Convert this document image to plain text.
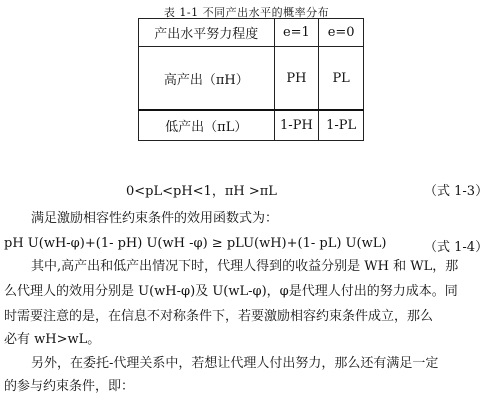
表 1-1 不同产出水平的概率分布
产出水平努力程度	e=1	e=0
高产出（πH）	PH	PL
低产出（πL）	1-PH	1-PL
0<pL<pH<1，πH >πL	（式 1-3）
满足激励相容性约束条件的效用函数式为：
pH U(wH-φ)+(1- pH) U(wH -φ) ≥ pLU(wH)+(1- pL) U(wL)	（式 1-4）
其中,高产出和低产出情况下时，代理人得到的收益分别是 WH 和 WL，那
么代理人的效用分别是 U(wH-φ)及 U(wL-φ)，φ是代理人付出的努力成本。同
时需要注意的是，在信息不对称条件下，若要激励相容约束条件成立，那么
必有 wH>wL。
另外，在委托-代理关系中，若想让代理人付出努力，那么还有满足一定
的参与约束条件，即：
